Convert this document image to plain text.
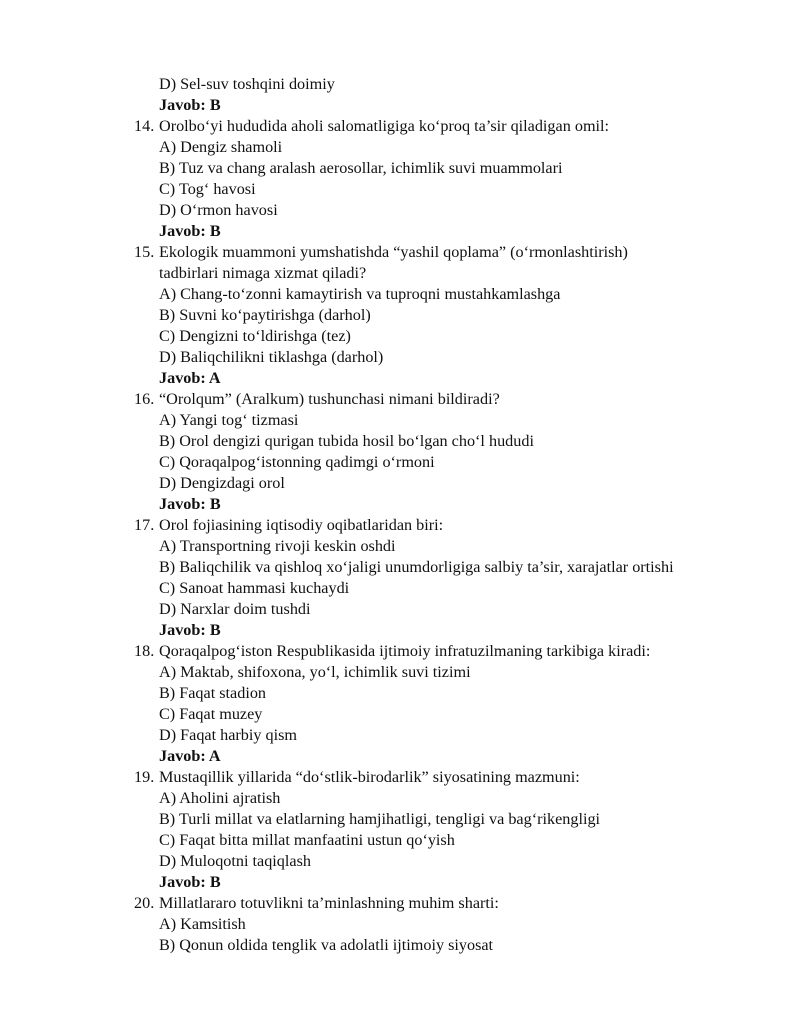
D) Sel-suv toshqini doimiy
Javob: B
14. Orolbo‘yi hududida aholi salomatligiga ko‘proq ta’sir qiladigan omil:
A) Dengiz shamoli
B) Tuz va chang aralash aerosollar, ichimlik suvi muammolari
C) Tog‘ havosi
D) O‘rmon havosi
Javob: B
15. Ekologik muammoni yumshatishda “yashil qoplama” (o‘rmonlashtirish)
tadbirlari nimaga xizmat qiladi?
A) Chang-to‘zonni kamaytirish va tuproqni mustahkamlashga
B) Suvni ko‘paytirishga (darhol)
C) Dengizni to‘ldirishga (tez)
D) Baliqchilikni tiklashga (darhol)
Javob: A
16. “Orolqum” (Aralkum) tushunchasi nimani bildiradi?
A) Yangi tog‘ tizmasi
B) Orol dengizi qurigan tubida hosil bo‘lgan cho‘l hududi
C) Qoraqalpog‘istonning qadimgi o‘rmoni
D) Dengizdagi orol
Javob: B
17. Orol fojiasining iqtisodiy oqibatlaridan biri:
A) Transportning rivoji keskin oshdi
B) Baliqchilik va qishloq xo‘jaligi unumdorligiga salbiy ta’sir, xarajatlar ortishi
C) Sanoat hammasi kuchaydi
D) Narxlar doim tushdi
Javob: B
18. Qoraqalpog‘iston Respublikasida ijtimoiy infratuzilmaning tarkibiga kiradi:
A) Maktab, shifoxona, yo‘l, ichimlik suvi tizimi
B) Faqat stadion
C) Faqat muzey
D) Faqat harbiy qism
Javob: A
19. Mustaqillik yillarida “do‘stlik-birodarlik” siyosatining mazmuni:
A) Aholini ajratish
B) Turli millat va elatlarning hamjihatligi, tengligi va bag‘rikengligi
C) Faqat bitta millat manfaatini ustun qo‘yish
D) Muloqotni taqiqlash
Javob: B
20. Millatlararo totuvlikni ta’minlashning muhim sharti:
A) Kamsitish
B) Qonun oldida tenglik va adolatli ijtimoiy siyosat
